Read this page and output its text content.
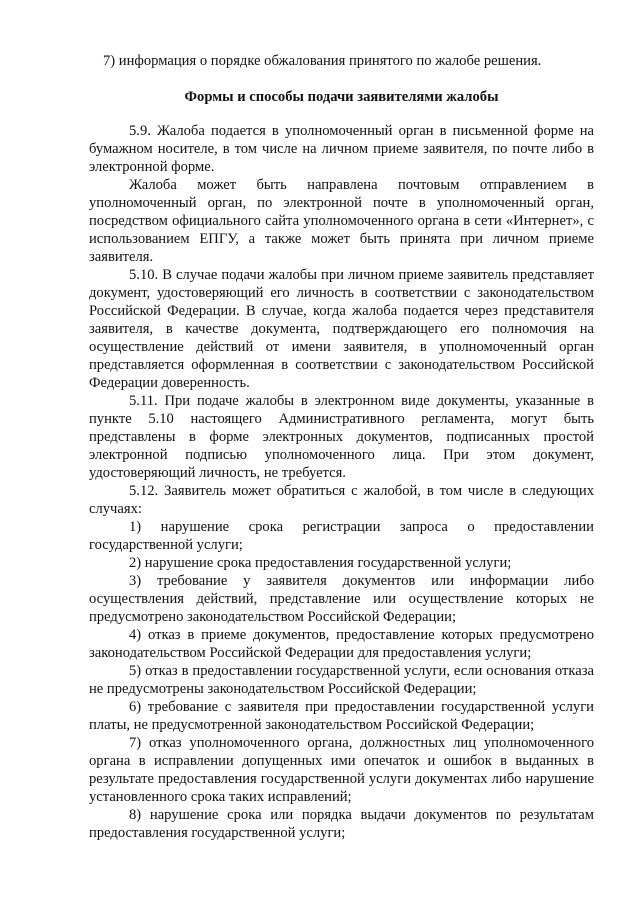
7) информация о порядке обжалования принятого по жалобе решения.

Формы и способы подачи заявителями жалобы

5.9. Жалоба подается в уполномоченный орган в письменной форме на бумажном носителе, в том числе на личном приеме заявителя, по почте либо в электронной форме.

Жалоба может быть направлена почтовым отправлением в уполномоченный орган, по электронной почте в уполномоченный орган, посредством официального сайта уполномоченного органа в сети «Интернет», с использованием ЕПГУ, а также может быть принята при личном приеме заявителя.

5.10. В случае подачи жалобы при личном приеме заявитель представляет документ, удостоверяющий его личность в соответствии с законодательством Российской Федерации. В случае, когда жалоба подается через представителя заявителя, в качестве документа, подтверждающего его полномочия на осуществление действий от имени заявителя, в уполномоченный орган представляется оформленная в соответствии с законодательством Российской Федерации доверенность.

5.11. При подаче жалобы в электронном виде документы, указанные в пункте 5.10 настоящего Административного регламента, могут быть представлены в форме электронных документов, подписанных простой электронной подписью уполномоченного лица. При этом документ, удостоверяющий личность, не требуется.

5.12. Заявитель может обратиться с жалобой, в том числе в следующих случаях:

1) нарушение срока регистрации запроса о предоставлении государственной услуги;
2) нарушение срока предоставления государственной услуги;
3) требование у заявителя документов или информации либо осуществления действий, представление или осуществление которых не предусмотрено законодательством Российской Федерации;
4) отказ в приеме документов, предоставление которых предусмотрено законодательством Российской Федерации для предоставления услуги;
5) отказ в предоставлении государственной услуги, если основания отказа не предусмотрены законодательством Российской Федерации;
6) требование с заявителя при предоставлении государственной услуги платы, не предусмотренной законодательством Российской Федерации;
7) отказ уполномоченного органа, должностных лиц уполномоченного органа в исправлении допущенных ими опечаток и ошибок в выданных в результате предоставления государственной услуги документах либо нарушение установленного срока таких исправлений;
8) нарушение срока или порядка выдачи документов по результатам предоставления государственной услуги;
